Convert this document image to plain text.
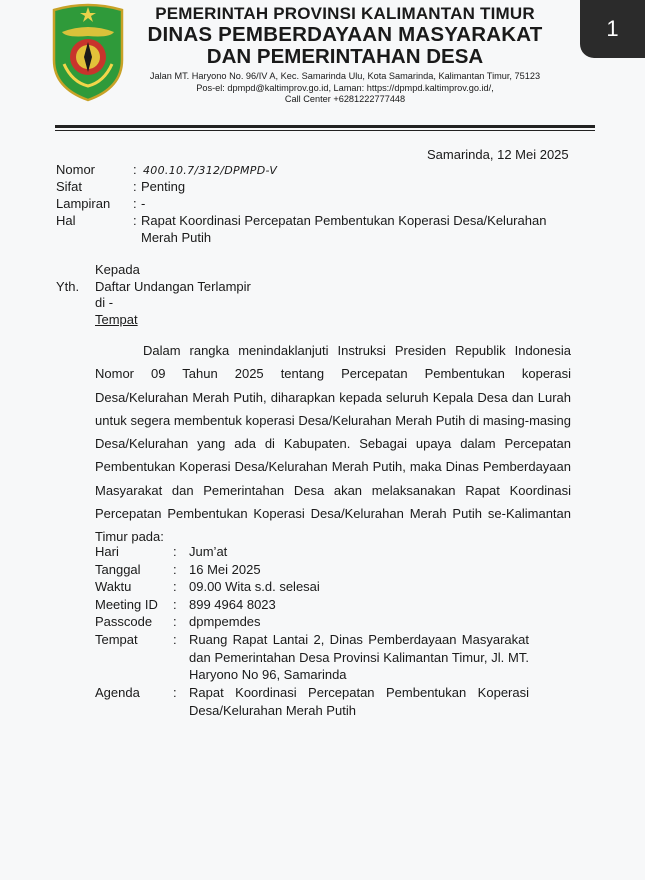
PEMERINTAH PROVINSI KALIMANTAN TIMUR
DINAS PEMBERDAYAAN MASYARAKAT
DAN PEMERINTAHAN DESA
Jalan MT. Haryono No. 96/IV A, Kec. Samarinda Ulu, Kota Samarinda, Kalimantan Timur, 75123
Pos-el: dpmpd@kaltimprov.go.id, Laman: https://dpmpd.kaltimprov.go.id/,
Call Center +6281222777448
1
Samarinda, 12 Mei 2025
Nomor	: 400.10.7/312/DPMPD-V
Sifat	: Penting
Lampiran : -
Hal	: Rapat Koordinasi Percepatan Pembentukan Koperasi Desa/Kelurahan
Merah Putih
Kepada
Yth. Daftar Undangan Terlampir
di -
Tempat
Dalam rangka menindaklanjuti Instruksi Presiden Republik Indonesia Nomor 09 Tahun 2025 tentang Percepatan Pembentukan koperasi Desa/Kelurahan Merah Putih, diharapkan kepada seluruh Kepala Desa dan Lurah untuk segera membentuk koperasi Desa/Kelurahan Merah Putih di masing-masing Desa/Kelurahan yang ada di Kabupaten. Sebagai upaya dalam Percepatan Pembentukan Koperasi Desa/Kelurahan Merah Putih, maka Dinas Pemberdayaan Masyarakat dan Pemerintahan Desa akan melaksanakan Rapat Koordinasi Percepatan Pembentukan Koperasi Desa/Kelurahan Merah Putih se-Kalimantan Timur pada:
Hari	: Jum’at
Tanggal : 16 Mei 2025
Waktu	: 09.00 Wita s.d. selesai
Meeting ID : 899 4964 8023
Passcode : dpmpemdes
Tempat	: Ruang Rapat Lantai 2, Dinas Pemberdayaan Masyarakat dan Pemerintahan Desa Provinsi Kalimantan Timur, Jl. MT. Haryono No 96, Samarinda
Agenda	: Rapat Koordinasi Percepatan Pembentukan Koperasi Desa/Kelurahan Merah Putih
